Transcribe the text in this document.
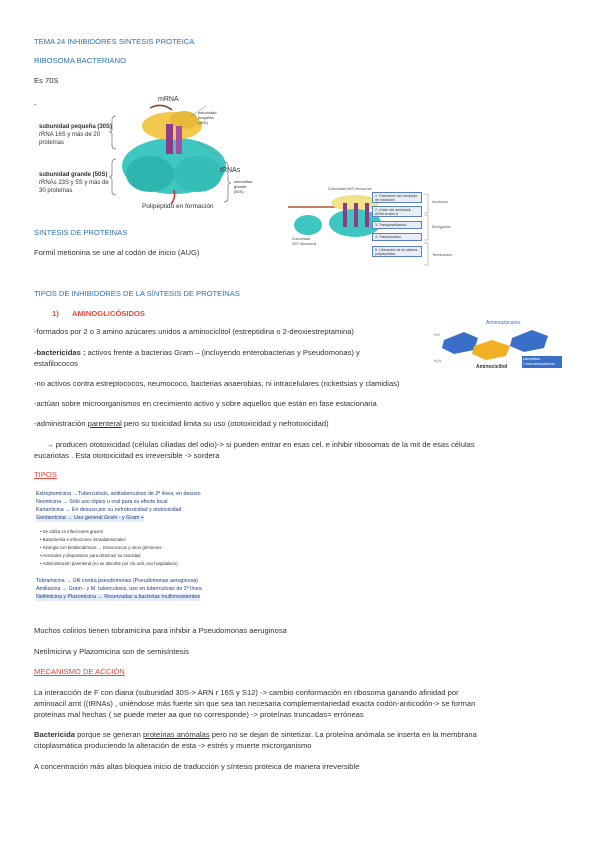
TEMA 24 INHIBIDORES SINTESIS PROTEICA
RIBOSOMA BACTERIANO
Es 70S
-
mRNA
subunidad
pequeña
(30S)
subunidad pequeña (30S)
rRNA 16S y más de 20
proteínas
tRNAs
subunidad grande (50S)
rRNAs 23S y 5S y más de
30 proteínas
subunidad
grande
(50S)
Polipéptido en formación
Subunidad 50S ribosomal
Subunidad
30S ribosomal
1. Formación del complejo de iniciación
2. Unión del aminoacil-ARNt al sitio A
3. Transpeptidación
4. Translocación
5. Liberación de la cadena polipeptídica
Iniciación
Elongación
Terminación
SINTESIS DE PROTEINAS
Formil metionina se une al codón de inicio (AUG)
TIPOS DE INHIBIDORES DE LA SÍNTESIS DE PROTEÍNAS
1) AMINOGLICÓSIDOS
HO
H₂N
NH₂
Aminoazúcares
Aminociclitol
estreptidina
2-desoxiestreptamina
-formados por 2 o 3 amino azúcares unidos a aminociclitol (estreptidina o 2-deoxiestreptamina)
-bactericidas : activos frente a bacterias Gram – (incluyendo enterobacterias y Pseudomonas) y
estafilococos
-no activos contra estreptococos, neumococo, bacterias anaerobias, ni intracelulares (rickettsias y clamidias)
-actúan sobre microorganismos en crecimiento activo y sobre aquellos que están en fase estacionaria
-administración parenteral pero su toxicidad limita su uso (ototoxicidad y nefrotoxicidad)
→ producen ototoxicidad (células ciliadas del odio)-> si pueden entrar en esas cel. e inhibir ribosomas de la mit de esas células
eucariotas . Esta ototoxicidad es irreversible -> sordera
TIPOS
Estreptomicina →Tuberculosis, antituberculoso de 2ª línea, en desuso
Neomicina → Sólo uso tópico u oral para su efecto local
Kanamicina → En desuso por su nefrotoxicidad y ototoxicidad
Gentamicina → Uso general Gram - y Gram +
• Se utiliza en infecciones graves
• Bacteriemia e infecciones intraabdominales
• Sinergia con betalactámicos → Enterococos y otros gérmenes
• Aerosoles y dispositivos para disminuir su toxicidad
• Administración parenteral (no se absorbe por vía oral, uso hospitalario)
Tobramicina → Útil contra pseudomonas (Pseudomonas aeruginosa)
Amikacina → Gram - y M. tuberculosis, uso en tuberculosis de 2ª línea
Netilmicina y Plazomicina → Reservadas a bacterias multirresistentes
Muchos colirios tienen tobramicina para inhibir a Pseudomonas aeruginosa
Netilmicina y Plazomicina son de semisíntesis
MECANISMO DE ACCIÓN
La interacción de F con diana (subunidad 30S-> ARN r 16S y S12) -> cambio conformación en ribosoma ganando afinidad por
aminoacil arnt ((tRNAs) , uniéndose más fuerte sin que sea tan necesaria complementariedad exacta codón-anticodón-> se forman
proteínas mal hechas ( se puede meter aa que no corresponde) -> proteínas truncadas= erróneas
Bactericida porque se generan proteínas anómalas pero no se dejan de sintetizar. La proteína anómala se inserta en la membrana
citoplasmática produciendo la alteración de esta -> estrés y muerte microrganismo
A concentración más altas bloquea inicio de traducción y síntesis proteica de manera irreversible
